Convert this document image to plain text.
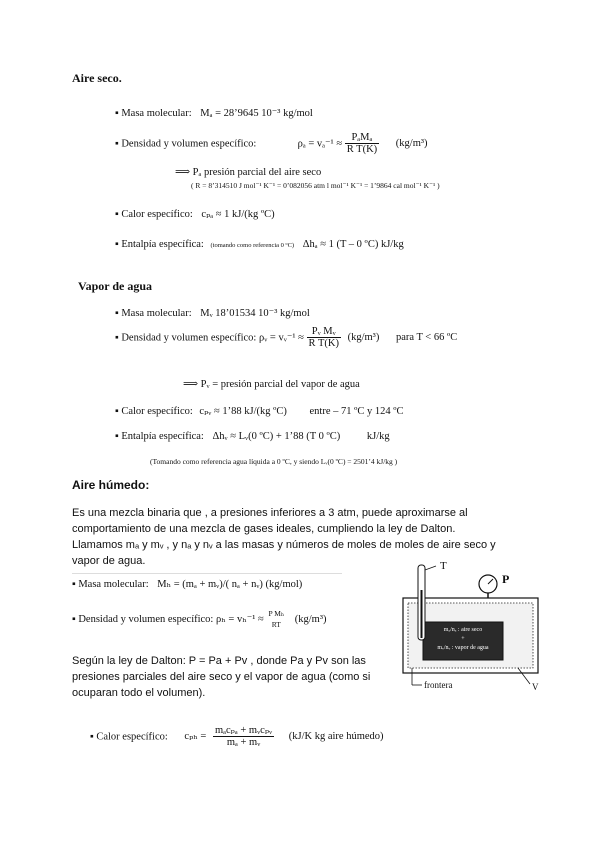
Aire seco.
▪ Masa molecular: Mₐ = 28’9645 10⁻³ kg/mol
▪ Densidad y volumen específico:	$\rho_a = v_a^{-1} \approx \frac{\text{PₐMₐ}}{\text{R T(K)}} (kg/m^3)$
⟹ Pₐ presión parcial del aire seco
( R = 8’314510 J mol⁻¹ K⁻¹ = 0’082056 atm l mol⁻¹ K⁻¹ = 1’9864 cal mol⁻¹ K⁻¹ )
▪ Calor específico: cₚₐ ≈ 1 kJ/(kg ºC)
▪ Entalpía específica: (tomando como referencia 0 ºC) Δhₐ ≈ 1 (T – 0 ºC) kJ/kg
Vapor de agua
▪ Masa molecular: Mᵥ 18’01534 10⁻³ kg/mol
▪ Densidad y volumen específico: ρᵥ = vᵥ⁻¹ ≈ $\frac{\text{Pᵥ Mᵥ}}{\text{R T(K)}} (kg/m^3)$ para T < 66 ºC
⟹ Pᵥ = presión parcial del vapor de agua
▪ Calor específico: cₚᵥ ≈ 1’88 kJ/(kg ºC) entre – 71 ºC y 124 ºC
▪ Entalpía específica: Δhᵥ ≈ Lᵥ(0 ºC) + 1’88 (T 0 ºC)	kJ/kg
(Tomando como referencia agua líquida a 0 ºC, y siendo Lᵥ(0 ºC) = 2501’4 kJ/kg )
Aire húmedo:
Es una mezcla binaria que , a presiones inferiores a 3 atm, puede aproximarse al
comportamiento de una mezcla de gases ideales, cumpliendo la ley de Dalton.
Llamamos mₐ y mᵥ , y nₐ y nᵥ a las masas y números de moles de moles de aire seco y
vapor de agua.
▪ Masa molecular: Mₕ = (mₐ + mᵥ)/( nₐ + nᵥ) (kg/mol)
▪ Densidad y volumen específico: ρₕ = vₕ⁻¹ ≈
P Mₕ
RT	(kg/m³)
Según la ley de Dalton: P = Pa + Pv , donde Pa y Pv son las
presiones parciales del aire seco y el vapor de agua (como si
ocuparan todo el volumen).
▪ Calor específico: $c_{ph} = \frac{\text{mₐcₚₐ + mᵥcₚᵥ}}{\text{mₐ + mᵥ}} (kJ/K$ kg aire húmedo)
T
P
mₐ/nₐ : aire seco
+
mᵥ/nᵥ : vapor de agua
frontera	V
